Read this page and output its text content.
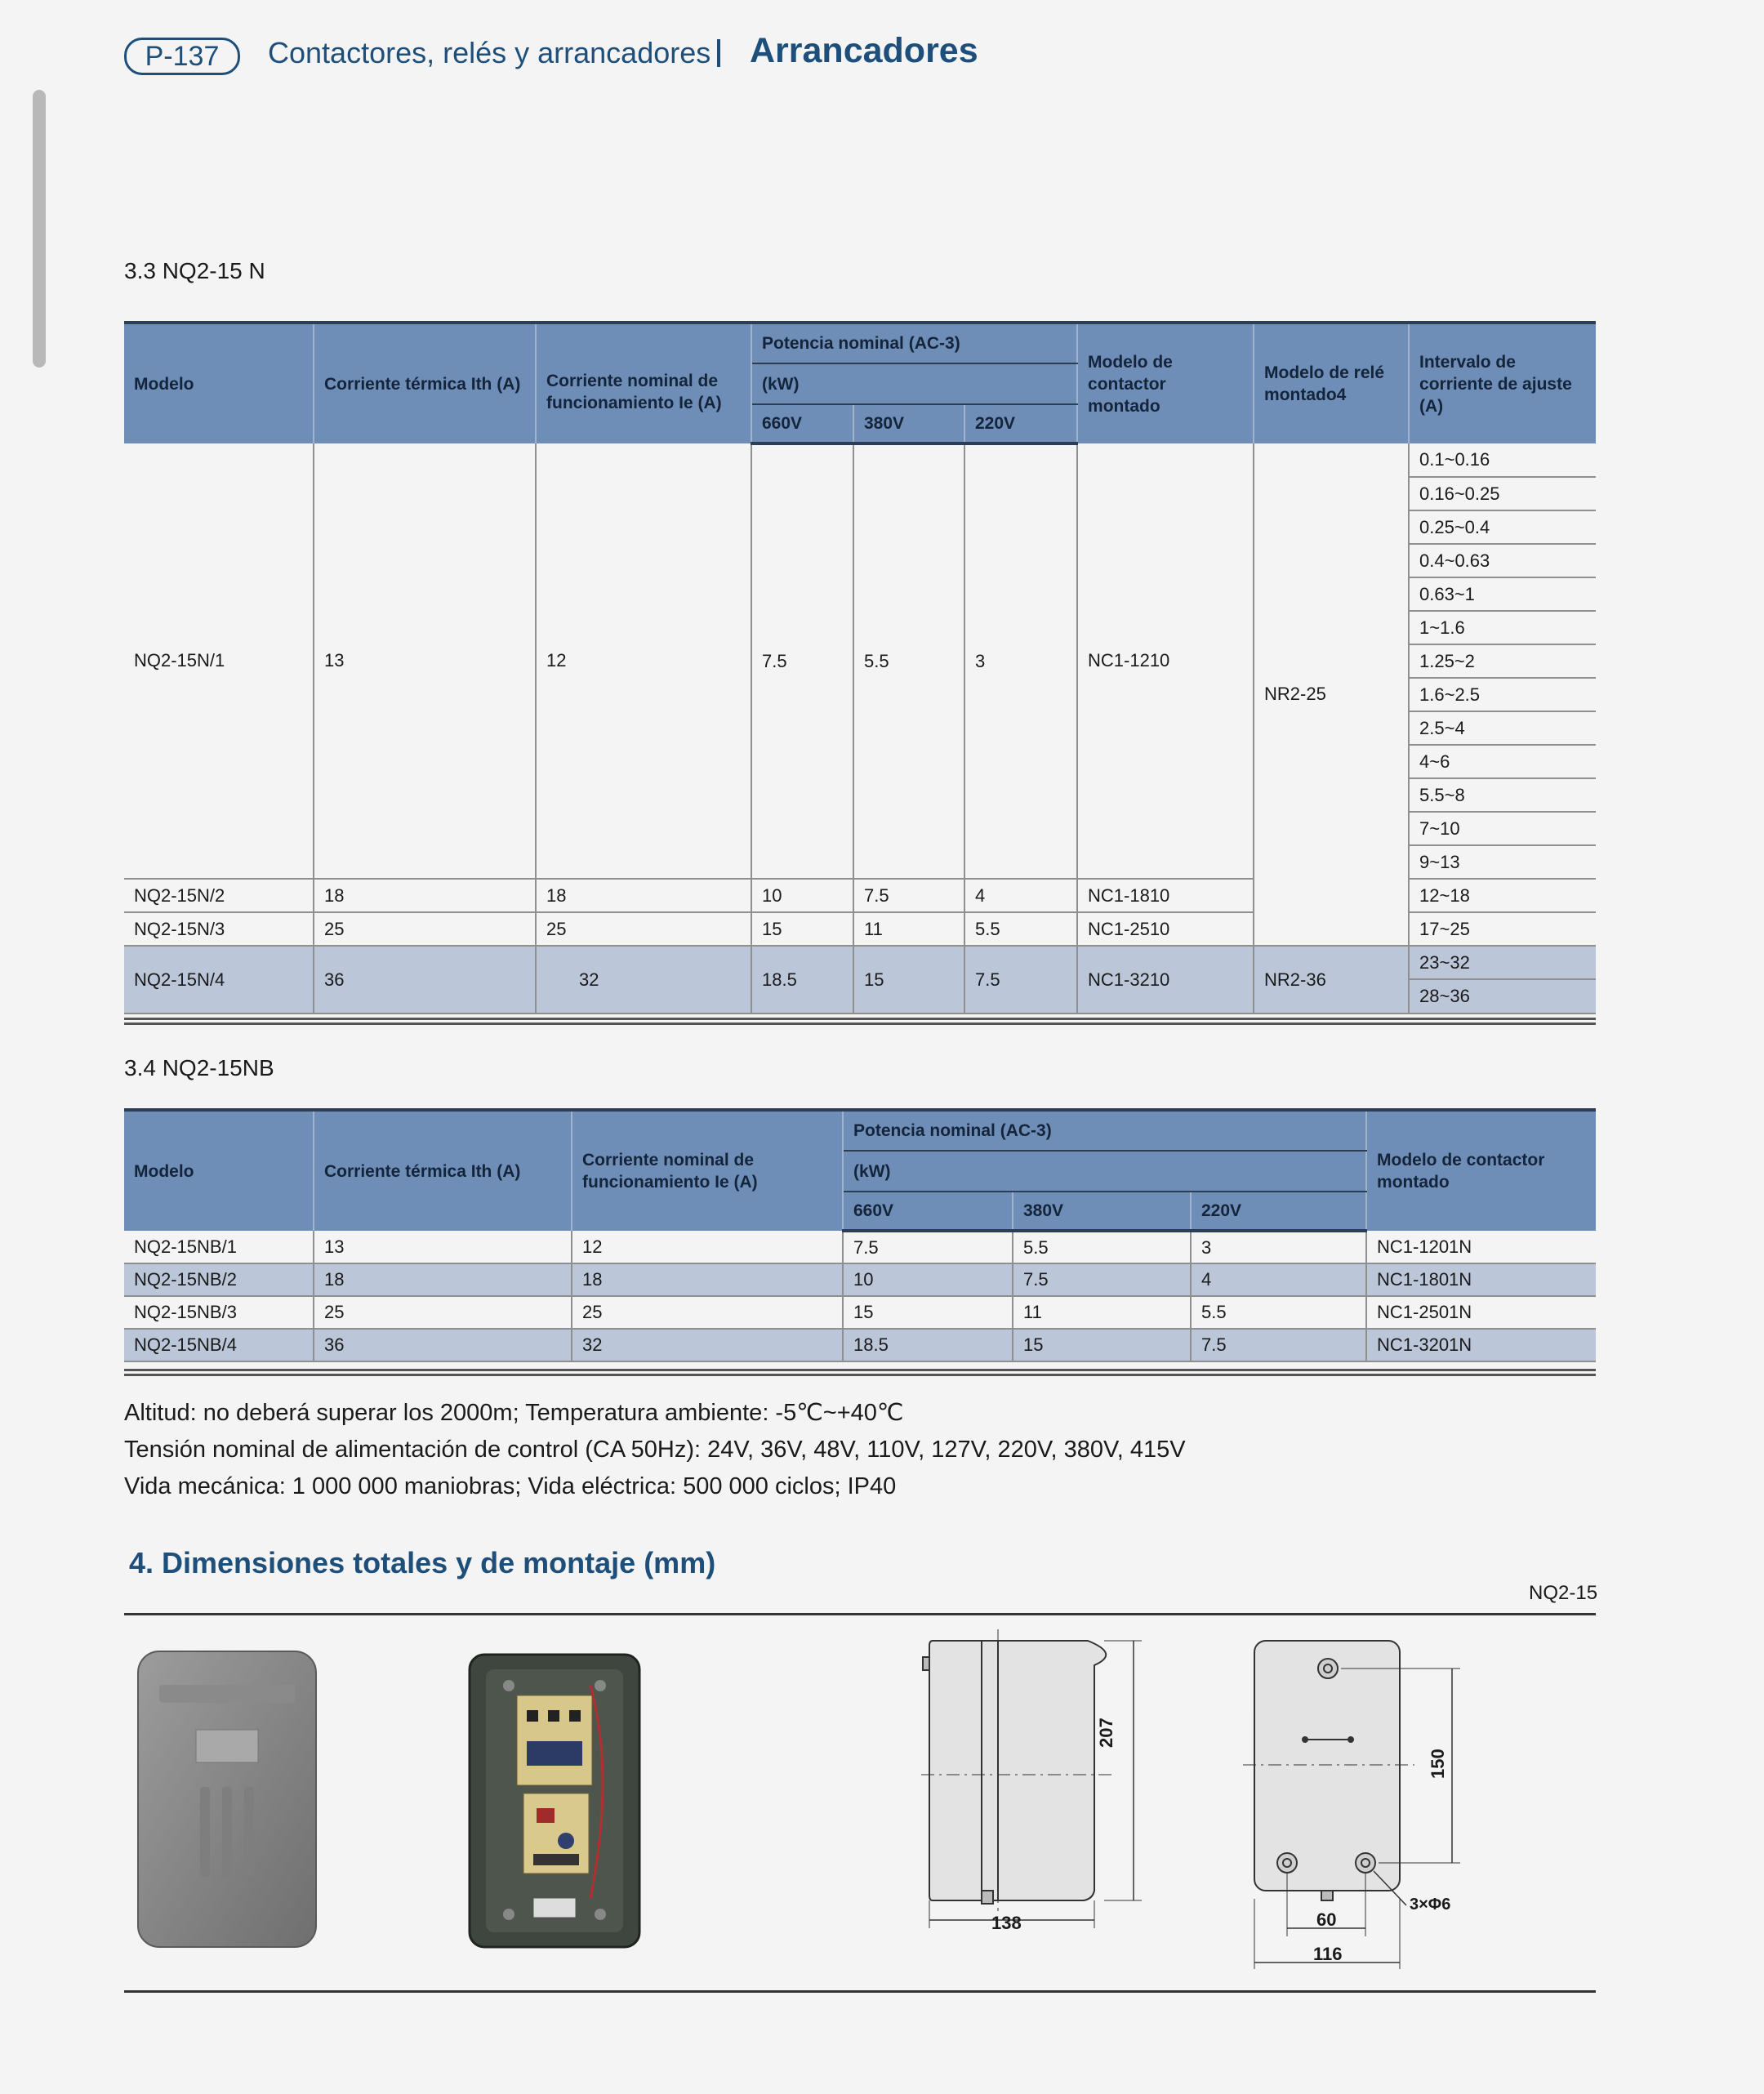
P-137	Contactores, relés y arrancadores Arrancadores
3.3 NQ2-15 N
Modelo	Corriente térmica Ith (A)	Corriente nominal de funcionamiento Ie (A)	Potencia nominal (AC-3)			Modelo de contactor montado	Modelo de relé montado4	Intervalo de corriente de ajuste (A)
			(kW)					
			660V	380V	220V			
NQ2-15N/1	13	12	7.5	5.5	3	NC1-1210	NR2-25	0.1~0.16
								0.16~0.25
								0.25~0.4
								0.4~0.63
								0.63~1
								1~1.6
								1.25~2
								1.6~2.5
								2.5~4
								4~6
								5.5~8
								7~10
								9~13
NQ2-15N/2	18	18	10	7.5	4	NC1-1810		12~18
NQ2-15N/3	25	25	15	11	5.5	NC1-2510		17~25
NQ2-15N/4	36	32	18.5	15	7.5	NC1-3210	NR2-36	23~32
								28~36
3.4 NQ2-15NB
Modelo	Corriente térmica Ith (A)	Corriente nominal de funcionamiento Ie (A)	Potencia nominal (AC-3)			Modelo de contactor montado
			(kW)			
			660V	380V	220V	
NQ2-15NB/1	13	12	7.5	5.5	3	NC1-1201N
NQ2-15NB/2	18	18	10	7.5	4	NC1-1801N
NQ2-15NB/3	25	25	15	11	5.5	NC1-2501N
NQ2-15NB/4	36	32	18.5	15	7.5	NC1-3201N
Altitud: no deberá superar los 2000m; Temperatura ambiente: -5℃~+40℃
Tensión nominal de alimentación de control (CA 50Hz): 24V, 36V, 48V, 110V, 127V, 220V, 380V, 415V
Vida mecánica: 1 000 000 maniobras; Vida eléctrica: 500 000 ciclos; IP40
4. Dimensiones totales y de montaje (mm)
NQ2-15
207
138
150
60
116
3×Φ6
